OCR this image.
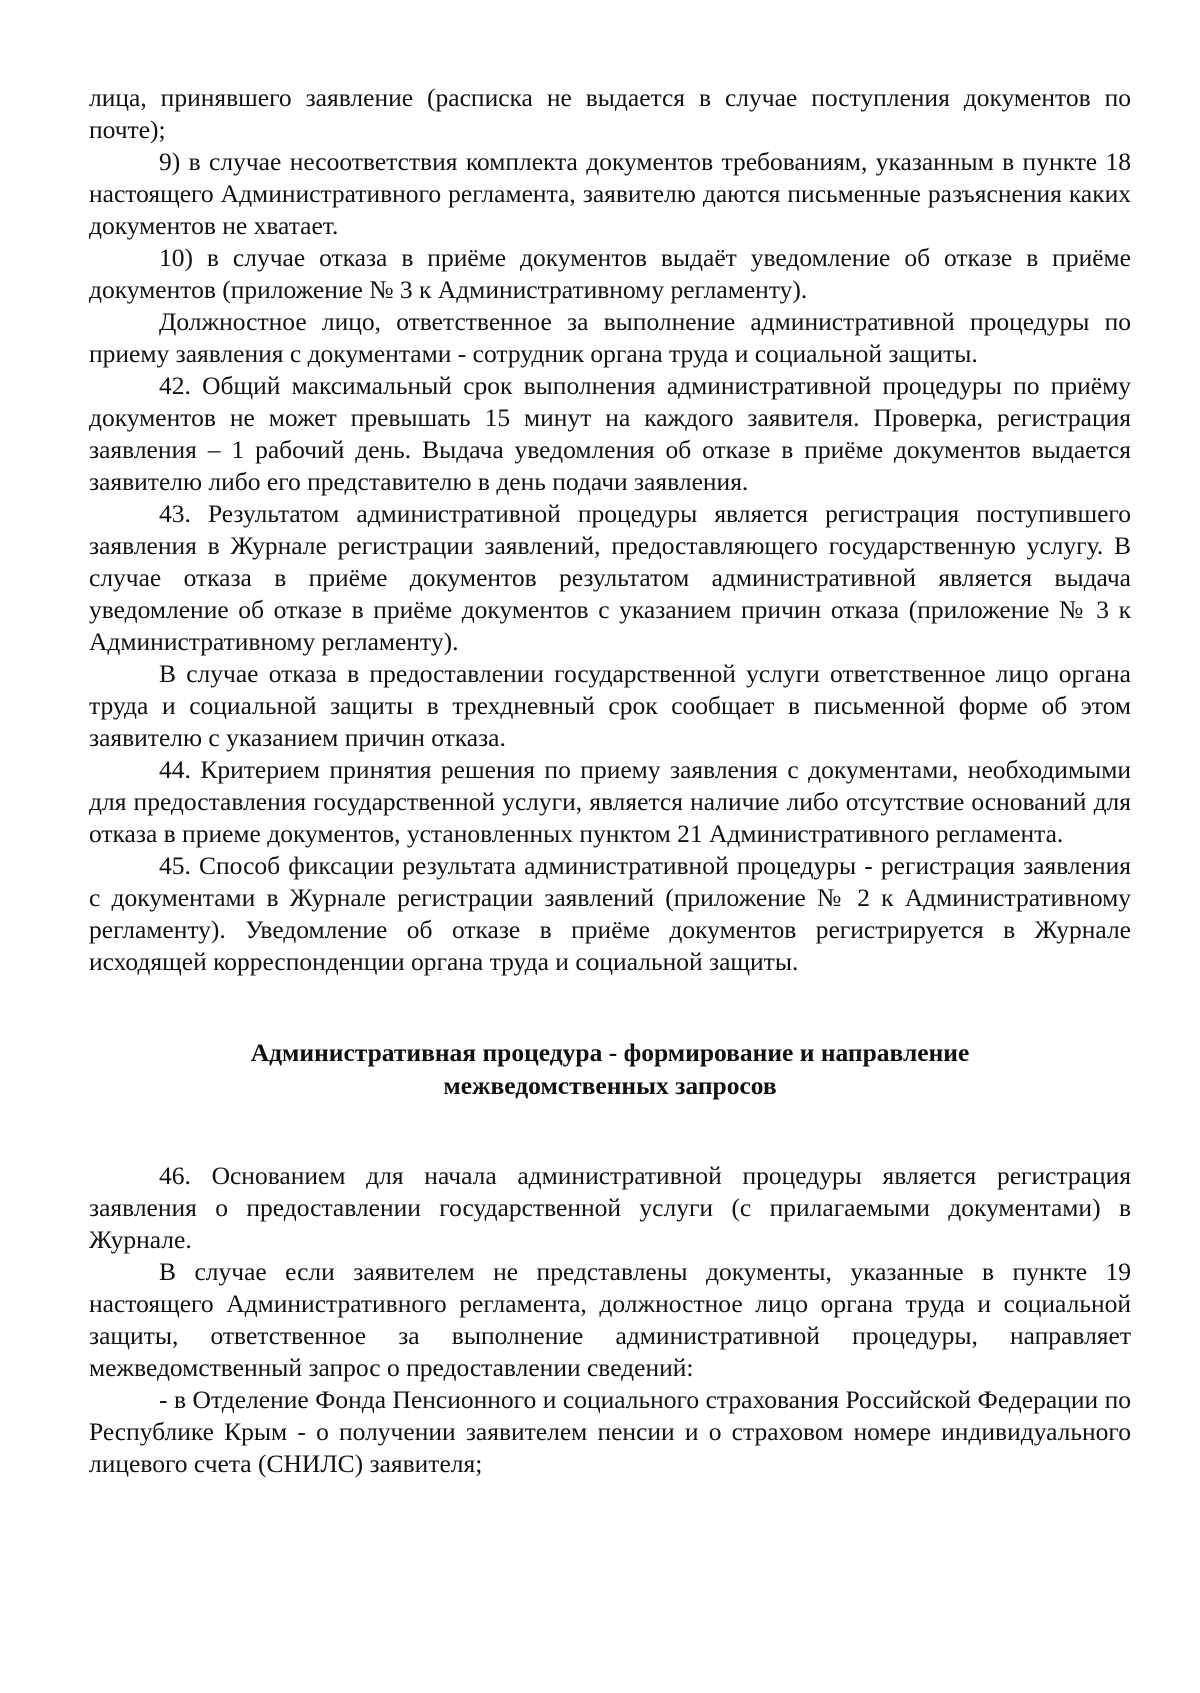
лица, принявшего заявление (расписка не выдается в случае поступления документов по почте);

9) в случае несоответствия комплекта документов требованиям, указанным в пункте 18 настоящего Административного регламента, заявителю даются письменные разъяснения каких документов не хватает.

10) в случае отказа в приёме документов выдаёт уведомление об отказе в приёме документов (приложение № 3 к Административному регламенту).

Должностное лицо, ответственное за выполнение административной процедуры по приему заявления с документами - сотрудник органа труда и социальной защиты.

42. Общий максимальный срок выполнения административной процедуры по приёму документов не может превышать 15 минут на каждого заявителя. Проверка, регистрация заявления – 1 рабочий день. Выдача уведомления об отказе в приёме документов выдается заявителю либо его представителю в день подачи заявления.

43. Результатом административной процедуры является регистрация поступившего заявления в Журнале регистрации заявлений, предоставляющего государственную услугу. В случае отказа в приёме документов результатом административной является выдача уведомление об отказе в приёме документов с указанием причин отказа (приложение № 3 к Административному регламенту).

В случае отказа в предоставлении государственной услуги ответственное лицо органа труда и социальной защиты в трехдневный срок сообщает в письменной форме об этом заявителю с указанием причин отказа.

44. Критерием принятия решения по приему заявления с документами, необходимыми для предоставления государственной услуги, является наличие либо отсутствие оснований для отказа в приеме документов, установленных пунктом 21 Административного регламента.

45. Способ фиксации результата административной процедуры - регистрация заявления с документами в Журнале регистрации заявлений (приложение № 2 к Административному регламенту). Уведомление об отказе в приёме документов регистрируется в Журнале исходящей корреспонденции органа труда и социальной защиты.

Административная процедура - формирование и направление
межведомственных запросов

46. Основанием для начала административной процедуры является регистрация заявления о предоставлении государственной услуги (с прилагаемыми документами) в Журнале.

В случае если заявителем не представлены документы, указанные в пункте 19 настоящего Административного регламента, должностное лицо органа труда и социальной защиты, ответственное за выполнение административной процедуры, направляет межведомственный запрос о предоставлении сведений:

- в Отделение Фонда Пенсионного и социального страхования Российской Федерации по Республике Крым - о получении заявителем пенсии и о страховом номере индивидуального лицевого счета (СНИЛС) заявителя;
